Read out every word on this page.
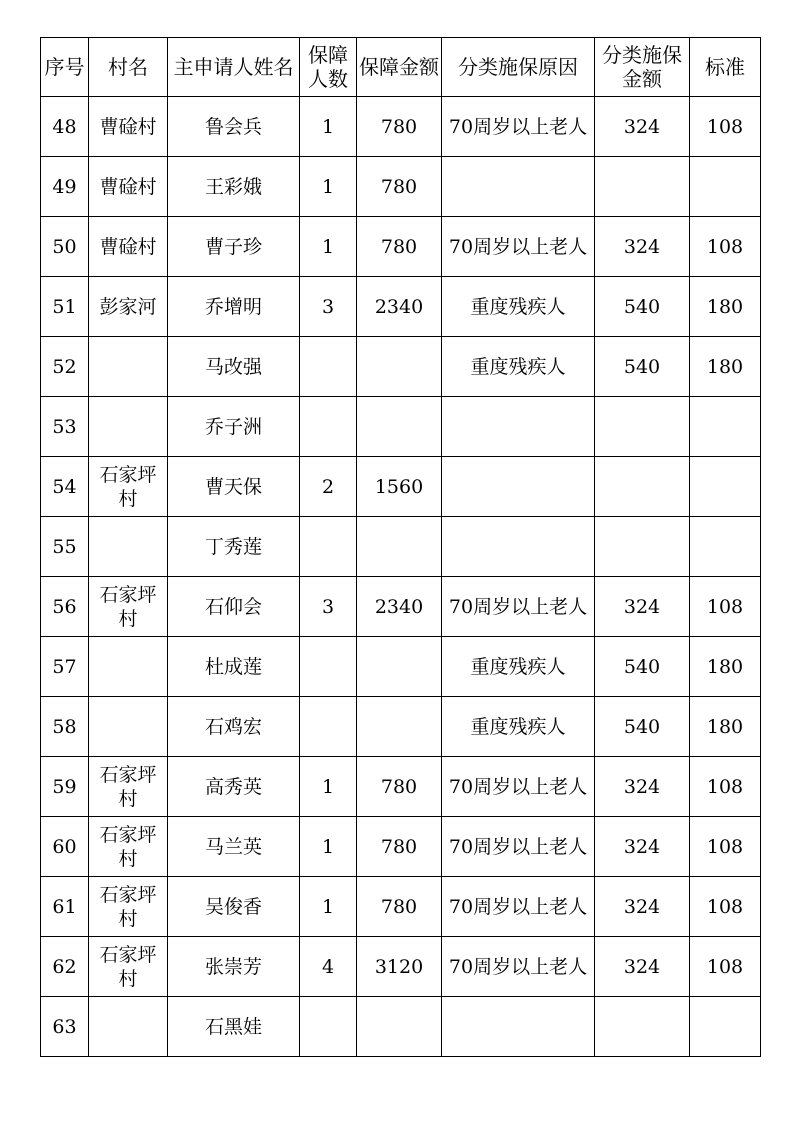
序号	村名	主申请人姓名	保障人数	保障金额	分类施保原因	分类施保金额	标准
48	曹碒村	鲁会兵	1	780	70周岁以上老人	324	108
49	曹碒村	王彩娥	1	780			
50	曹碒村	曹子珍	1	780	70周岁以上老人	324	108
51	彭家河	乔增明	3	2340	重度残疾人	540	180
52		马改强			重度残疾人	540	180
53		乔子洲					
54	石家坪村	曹天保	2	1560			
55		丁秀莲					
56	石家坪村	石仰会	3	2340	70周岁以上老人	324	108
57		杜成莲			重度残疾人	540	180
58		石鸡宏			重度残疾人	540	180
59	石家坪村	高秀英	1	780	70周岁以上老人	324	108
60	石家坪村	马兰英	1	780	70周岁以上老人	324	108
61	石家坪村	吴俊香	1	780	70周岁以上老人	324	108
62	石家坪村	张崇芳	4	3120	70周岁以上老人	324	108
63		石黑娃					
